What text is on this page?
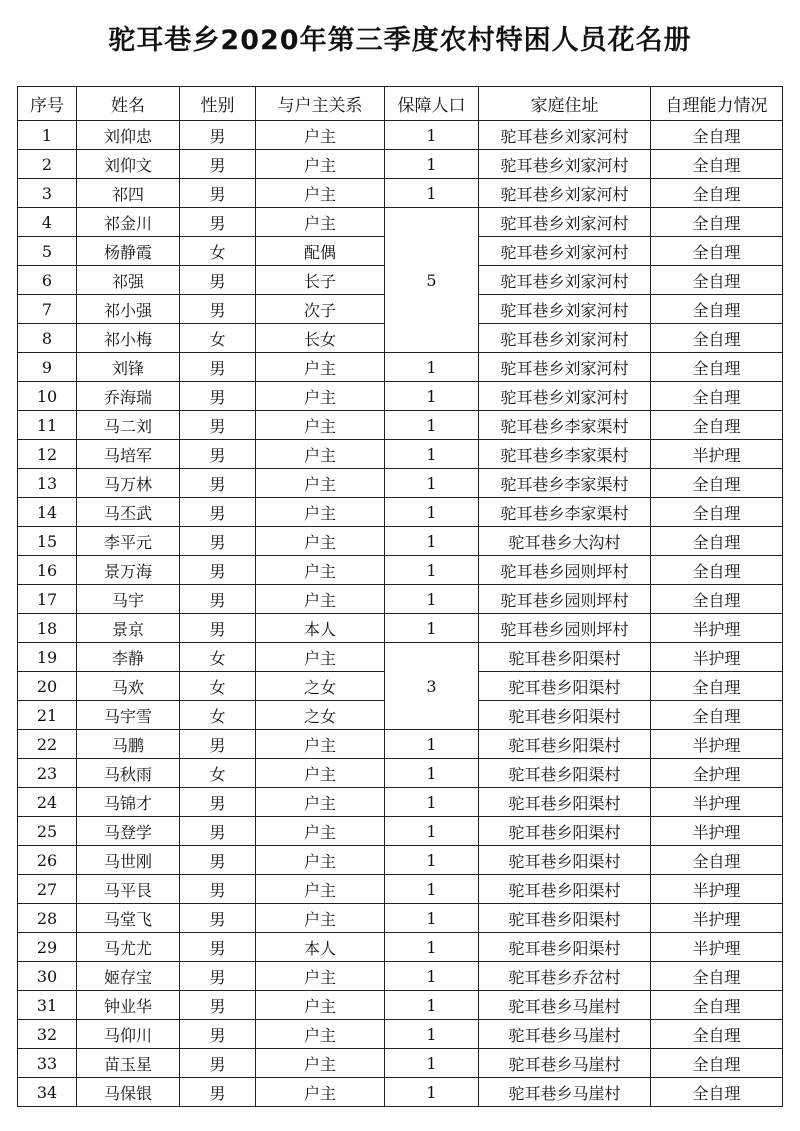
驼耳巷乡2020年第三季度农村特困人员花名册
序号	姓名	性别	与户主关系	保障人口	家庭住址	自理能力情况
1	刘仰忠	男	户主	1	驼耳巷乡刘家河村	全自理
2	刘仰文	男	户主	1	驼耳巷乡刘家河村	全自理
3	祁四	男	户主	1	驼耳巷乡刘家河村	全自理
4	祁金川	男	户主	5	驼耳巷乡刘家河村	全自理
5	杨静霞	女	配偶		驼耳巷乡刘家河村	全自理
6	祁强	男	长子		驼耳巷乡刘家河村	全自理
7	祁小强	男	次子		驼耳巷乡刘家河村	全自理
8	祁小梅	女	长女		驼耳巷乡刘家河村	全自理
9	刘锋	男	户主	1	驼耳巷乡刘家河村	全自理
10	乔海瑞	男	户主	1	驼耳巷乡刘家河村	全自理
11	马二刘	男	户主	1	驼耳巷乡李家渠村	全自理
12	马培军	男	户主	1	驼耳巷乡李家渠村	半护理
13	马万林	男	户主	1	驼耳巷乡李家渠村	全自理
14	马丕武	男	户主	1	驼耳巷乡李家渠村	全自理
15	李平元	男	户主	1	驼耳巷乡大沟村	全自理
16	景万海	男	户主	1	驼耳巷乡园则坪村	全自理
17	马宇	男	户主	1	驼耳巷乡园则坪村	全自理
18	景京	男	本人	1	驼耳巷乡园则坪村	半护理
19	李静	女	户主	3	驼耳巷乡阳渠村	半护理
20	马欢	女	之女		驼耳巷乡阳渠村	全自理
21	马宇雪	女	之女		驼耳巷乡阳渠村	全自理
22	马鹏	男	户主	1	驼耳巷乡阳渠村	半护理
23	马秋雨	女	户主	1	驼耳巷乡阳渠村	全护理
24	马锦才	男	户主	1	驼耳巷乡阳渠村	半护理
25	马登学	男	户主	1	驼耳巷乡阳渠村	半护理
26	马世刚	男	户主	1	驼耳巷乡阳渠村	全自理
27	马平艮	男	户主	1	驼耳巷乡阳渠村	半护理
28	马堂飞	男	户主	1	驼耳巷乡阳渠村	半护理
29	马尤尤	男	本人	1	驼耳巷乡阳渠村	半护理
30	姬存宝	男	户主	1	驼耳巷乡乔岔村	全自理
31	钟业华	男	户主	1	驼耳巷乡马崖村	全自理
32	马仰川	男	户主	1	驼耳巷乡马崖村	全自理
33	苗玉星	男	户主	1	驼耳巷乡马崖村	全自理
34	马保银	男	户主	1	驼耳巷乡马崖村	全自理
